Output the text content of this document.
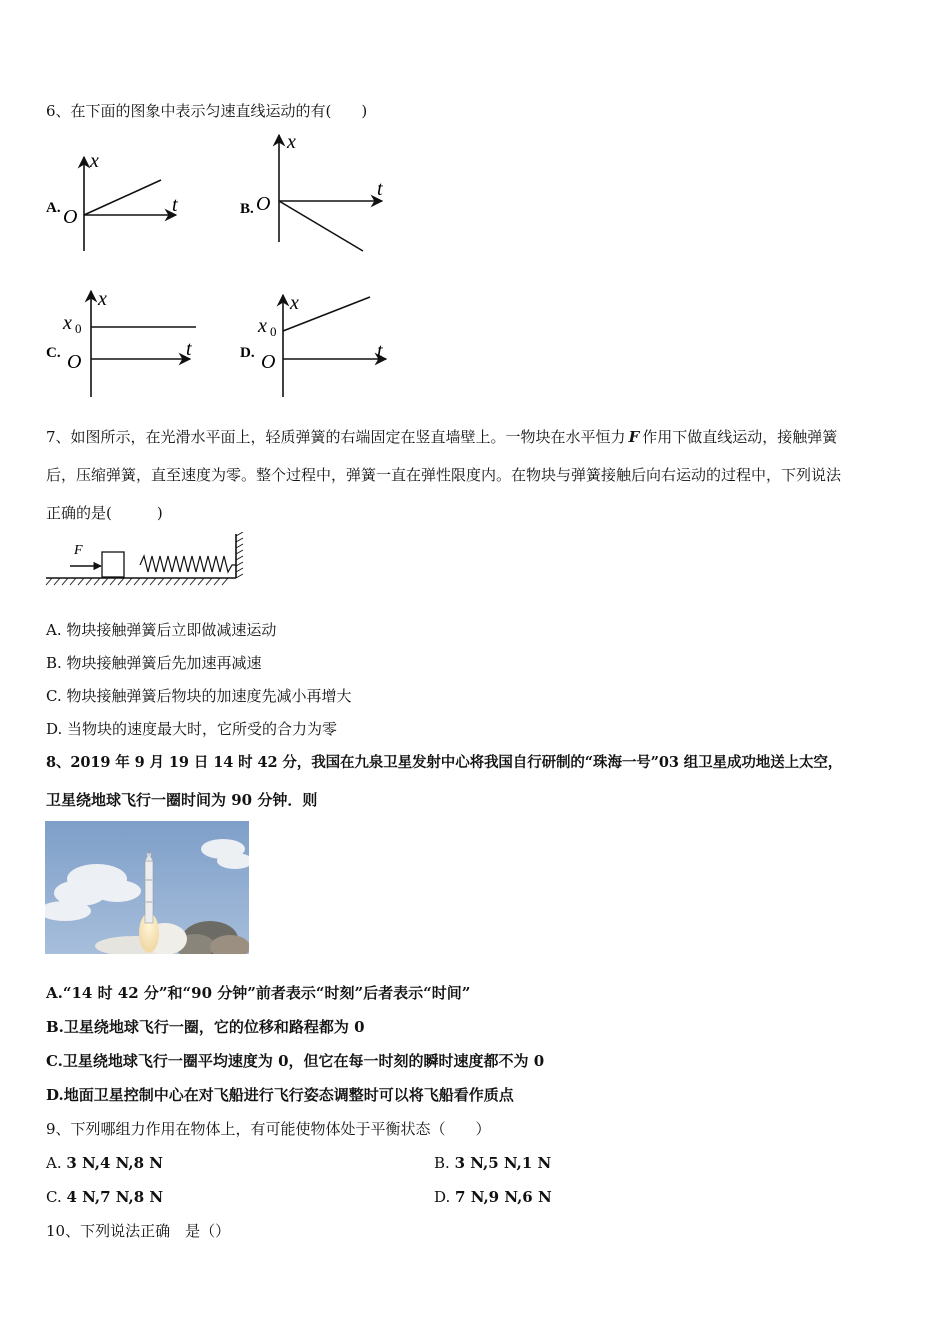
6、在下面的图象中表示匀速直线运动的有(　　)
A.
x
t
O	B.
x
t
O
C.
x
t
O
x 0
D.
x
t
O
x 0
7、如图所示，在光滑水平面上，轻质弹簧的右端固定在竖直墙壁上。一物块在水平恒力 F 作用下做直线运动，接触弹簧
后，压缩弹簧，直至速度为零。整个过程中，弹簧一直在弹性限度内。在物块与弹簧接触后向右运动的过程中，下列说法
正确的是(　　　)
F
A. 物块接触弹簧后立即做减速运动
B. 物块接触弹簧后先加速再减速
C. 物块接触弹簧后物块的加速度先减小再增大
D. 当物块的速度最大时，它所受的合力为零
8、2019 年 9 月 19 日 14 时 42 分，我国在九泉卫星发射中心将我国自行研制的“珠海一号”03 组卫星成功地送上太空，
卫星绕地球飞行一圈时间为 90 分钟．则
A.“14 时 42 分”和“90 分钟”前者表示“时刻”后者表示“时间”
B.卫星绕地球飞行一圈，它的位移和路程都为 0
C.卫星绕地球飞行一圈平均速度为 0，但它在每一时刻的瞬时速度都不为 0
D.地面卫星控制中心在对飞船进行飞行姿态调整时可以将飞船看作质点
9、下列哪组力作用在物体上，有可能使物体处于平衡状态（　　）
A. 3 N,4 N,8 N	B. 3 N,5 N,1 N
C. 4 N,7 N,8 N	D. 7 N,9 N,6 N
10、下列说法正确　是（）
